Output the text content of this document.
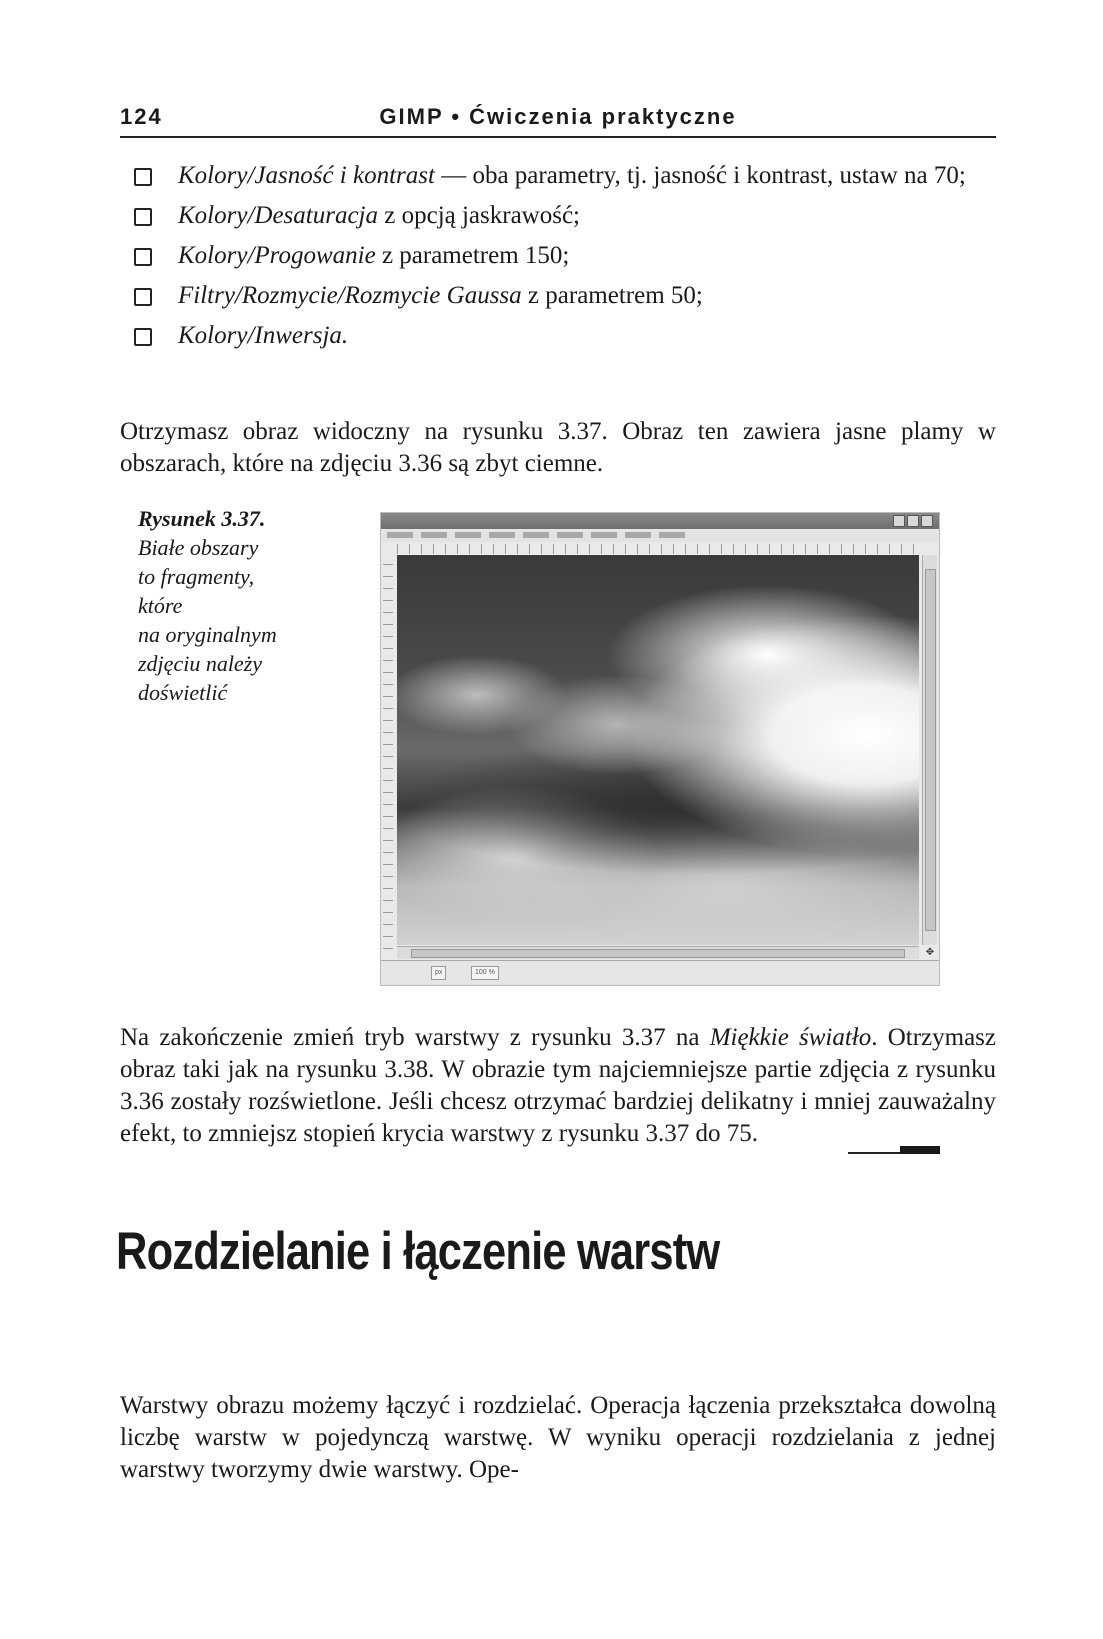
124	GIMP • Ćwiczenia praktyczne
Kolory/Jasność i kontrast — oba parametry, tj. jasność i kontrast, ustaw na 70;
Kolory/Desaturacja z opcją jaskrawość;
Kolory/Progowanie z parametrem 150;
Filtry/Rozmycie/Rozmycie Gaussa z parametrem 50;
Kolory/Inwersja.

Otrzymasz obraz widoczny na rysunku 3.37. Obraz ten zawiera jasne plamy w obszarach, które na zdjęciu 3.36 są zbyt ciemne.

Rysunek 3.37.
Białe obszary
to fragmenty,
które
na oryginalnym
zdjęciu należy
doświetlić
✥
px	100 %

Na zakończenie zmień tryb warstwy z rysunku 3.37 na Miękkie światło. Otrzymasz obraz taki jak na rysunku 3.38. W obrazie tym najciemniejsze partie zdjęcia z rysunku 3.36 zostały rozświetlone. Jeśli chcesz otrzymać bardziej delikatny i mniej zauważalny efekt, to zmniejsz stopień krycia warstwy z rysunku 3.37 do 75.

Rozdzielanie i łączenie warstw

Warstwy obrazu możemy łączyć i rozdzielać. Operacja łączenia przekształca dowolną liczbę warstw w pojedynczą warstwę. W wyniku operacji rozdzielania z jednej warstwy tworzymy dwie warstwy. Ope-
